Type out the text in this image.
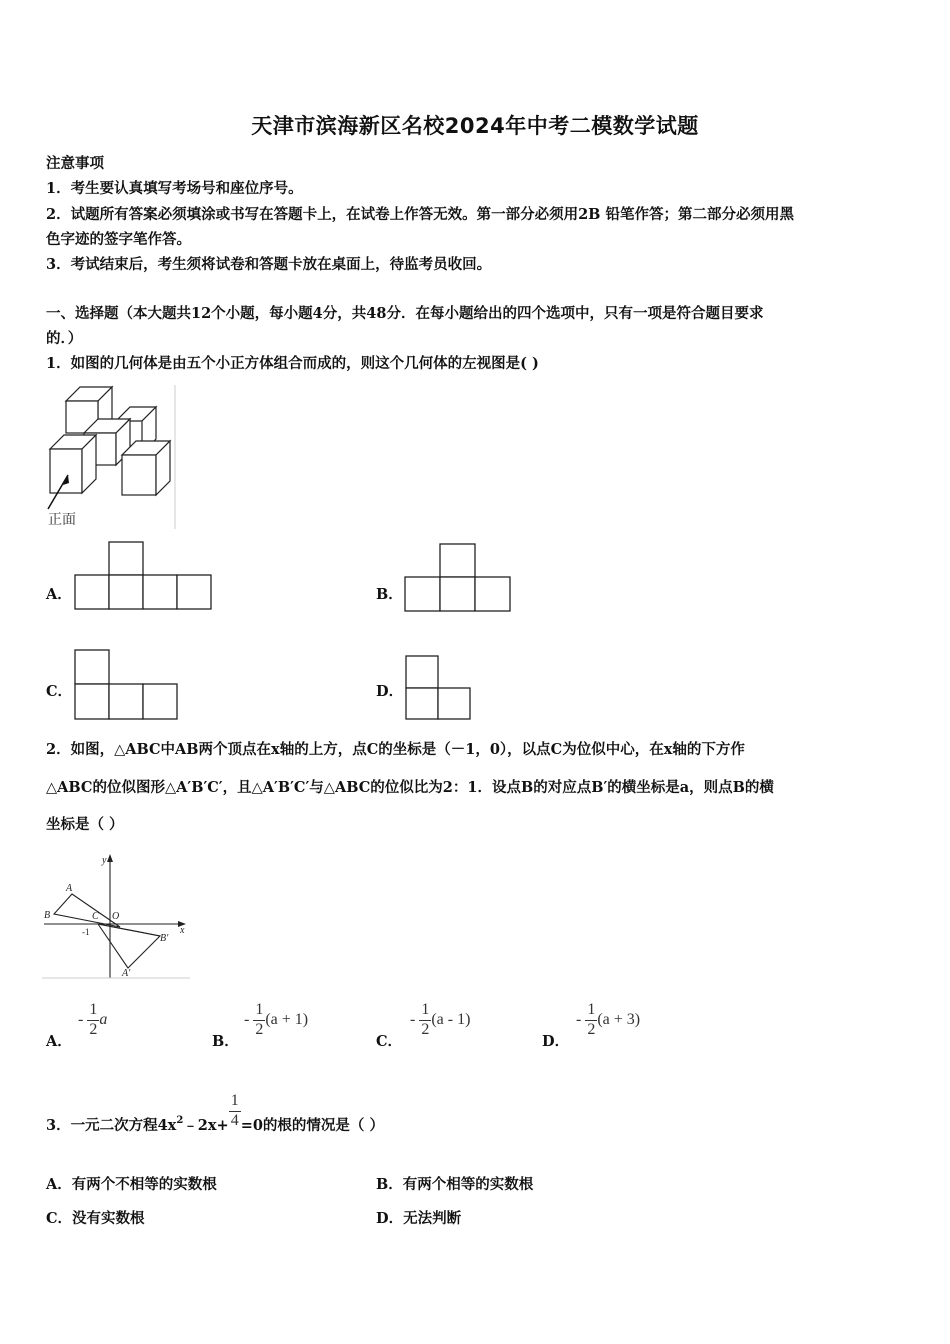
天津市滨海新区名校2024年中考二模数学试题
注意事项
1．考生要认真填写考场号和座位序号。
2．试题所有答案必须填涂或书写在答题卡上，在试卷上作答无效。第一部分必须用2B 铅笔作答；第二部分必须用黑
色字迹的签字笔作答。
3．考试结束后，考生须将试卷和答题卡放在桌面上，待监考员收回。
一、选择题（本大题共12个小题，每小题4分，共48分．在每小题给出的四个选项中，只有一项是符合题目要求
的．）
1．如图的几何体是由五个小正方体组合而成的，则这个几何体的左视图是( )
正面
A．	B．
C．	D．
2．如图，△ABC中AB两个顶点在x轴的上方，点C的坐标是（－1，0），以点C为位似中心，在x轴的下方作
△ABC的位似图形△A′B′C′，且△A′B′C′与△ABC的位似比为2：1．设点B的对应点B′的横坐标是a，则点B的横
坐标是（ ）
y
x
A
B	C O
-1
B′
A′
A．
- $\frac{1}{2}$ a
B．
- $\frac{1}{2} (a + 1)$
C．
- $\frac{1}{2} (a - 1)$
D．
- $\frac{1}{2} (a + 3)$
3．一元二次方程$4x^2$ ﹣2x+ $\frac{1}{4} =0$的根的情况是（ ）
A．有两个不相等的实数根	B．有两个相等的实数根
C．没有实数根	D．无法判断
